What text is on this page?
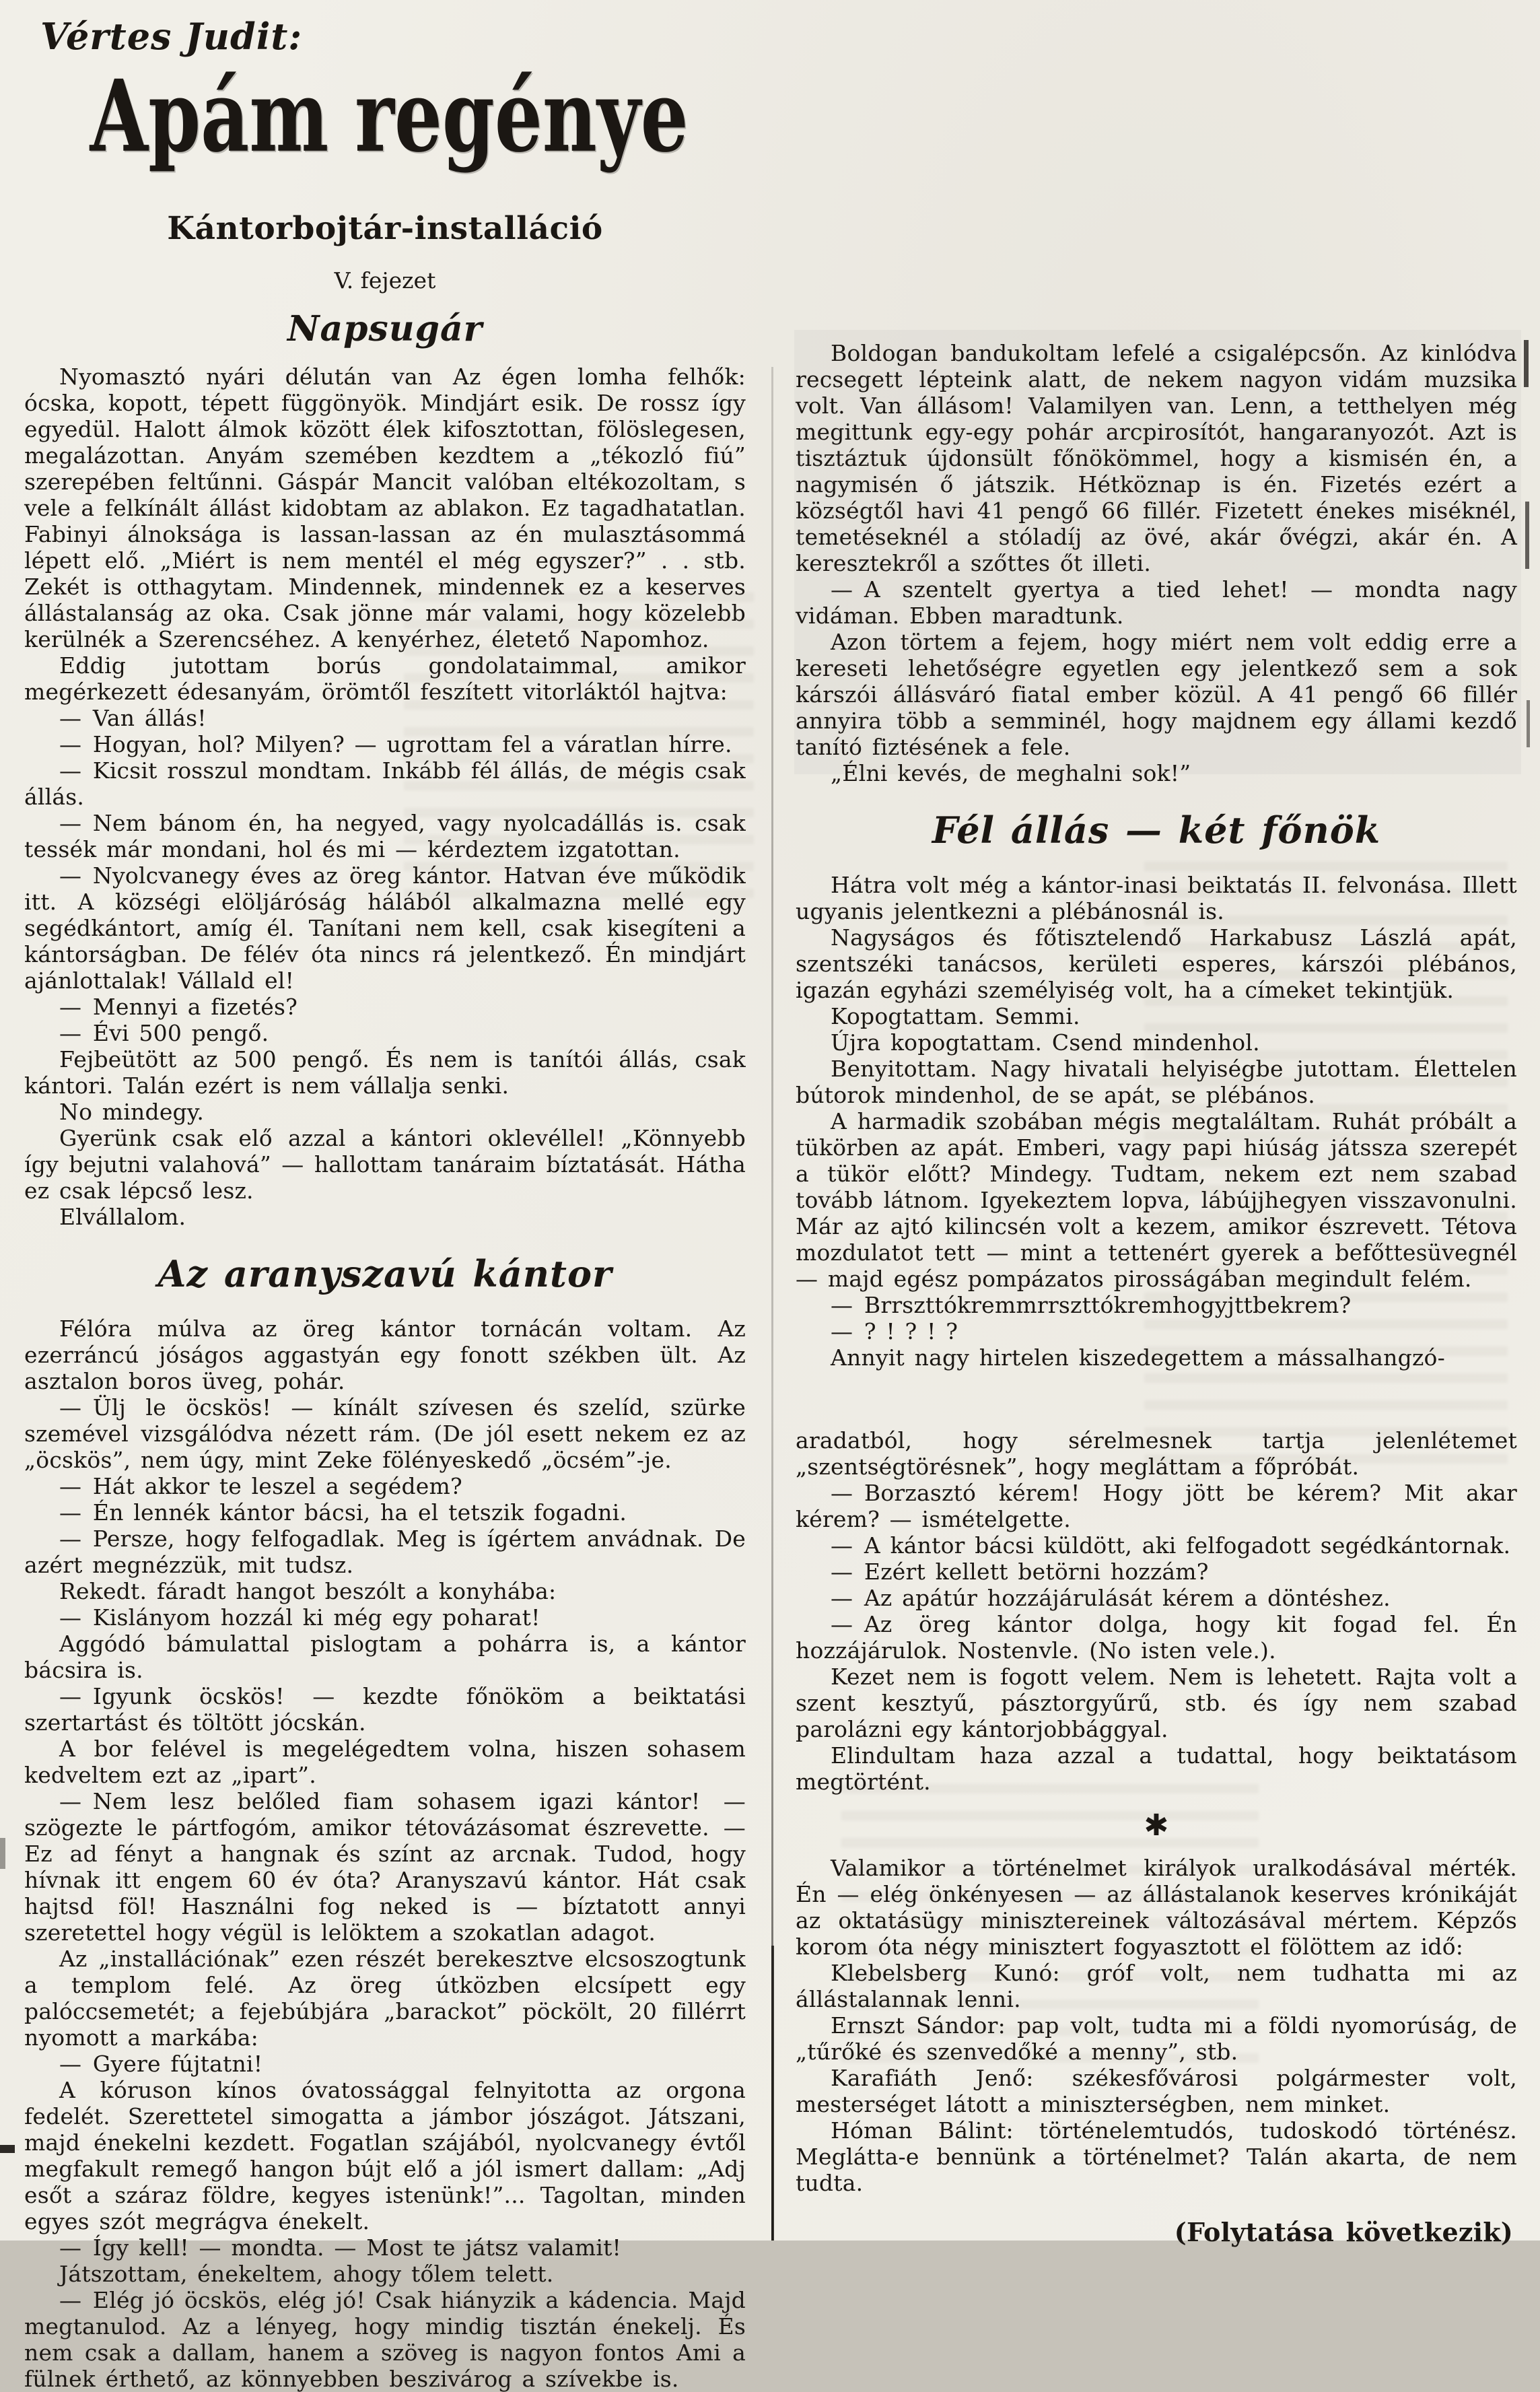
Vértes Judit:
Apám regénye
Kántorbojtár-installáció
V. fejezet
Napsugár

Nyomasztó nyári délután van Az égen lomha felhők: ócska, kopott, tépett függönyök. Mindjárt esik. De rossz így egyedül. Halott álmok között élek kifosztottan, fölöslegesen, megalázottan. Anyám szemében kezdtem a „tékozló fiú” szerepében feltűnni. Gáspár Mancit valóban eltékozoltam, s vele a felkínált állást kidobtam az ablakon. Ez tagadhatatlan. Fabinyi álnoksága is lassan-lassan az én mulasztásommá lépett elő. „Miért is nem mentél el még egyszer?” . . stb. Zekét is otthagytam. Mindennek, mindennek ez a keserves állástalanság az oka. Csak jönne már valami, hogy közelebb kerülnék a Szerencséhez. A kenyérhez, életető Napomhoz.

Eddig jutottam borús gondolataimmal, amikor megérkezett édesanyám, örömtől feszített vitorláktól hajtva:

— Van állás!

— Hogyan, hol? Milyen? — ugrottam fel a váratlan hírre.

— Kicsit rosszul mondtam. Inkább fél állás, de mégis csak állás.

— Nem bánom én, ha negyed, vagy nyolcadállás is. csak tessék már mondani, hol és mi — kérdeztem izgatottan.

— Nyolcvanegy éves az öreg kántor. Hatvan éve működik itt. A községi elöljáróság hálából alkalmazna mellé egy segédkántort, amíg él. Tanítani nem kell, csak kisegíteni a kántorságban. De félév óta nincs rá jelentkező. Én mindjárt ajánlottalak! Vállald el!

— Mennyi a fizetés?

— Évi 500 pengő.

Fejbeütött az 500 pengő. És nem is tanítói állás, csak kántori. Talán ezért is nem vállalja senki.

No mindegy.

Gyerünk csak elő azzal a kántori oklevéllel! „Könnyebb így bejutni valahová” — hallottam tanáraim bíztatását. Hátha ez csak lépcső lesz.

Elvállalom.

Az aranyszavú kántor

Félóra múlva az öreg kántor tornácán voltam. Az ezerráncú jóságos aggastyán egy fonott székben ült. Az asztalon boros üveg, pohár.

— Ülj le öcskös! — kínált szívesen és szelíd, szürke szemével vizsgálódva nézett rám. (De jól esett nekem ez az „öcskös”, nem úgy, mint Zeke fölényeskedő „öcsém”-je.

— Hát akkor te leszel a segédem?

— Én lennék kántor bácsi, ha el tetszik fogadni.

— Persze, hogy felfogadlak. Meg is ígértem anvádnak. De azért megnézzük, mit tudsz.

Rekedt. fáradt hangot beszólt a konyhába:

— Kislányom hozzál ki még egy poharat!

Aggódó bámulattal pislogtam a pohárra is, a kántor bácsira is.

— Igyunk öcskös! — kezdte főnököm a beiktatási szertartást és töltött jócskán.

A bor felével is megelégedtem volna, hiszen sohasem kedveltem ezt az „ipart”.

— Nem lesz belőled fiam sohasem igazi kántor! — szögezte le pártfogóm, amikor tétovázásomat észrevette. — Ez ad fényt a hangnak és színt az arcnak. Tudod, hogy hívnak itt engem 60 év óta? Aranyszavú kántor. Hát csak hajtsd föl! Használni fog neked is — bíztatott annyi szeretettel hogy végül is lelöktem a szokatlan adagot.

Az „installációnak” ezen részét berekesztve elcsoszogtunk a templom felé. Az öreg útközben elcsípett egy palóccsemetét; a fejebúbjára „barackot” pöckölt, 20 fillérrt nyomott a markába:

— Gyere fújtatni!

A kóruson kínos óvatossággal felnyitotta az orgona fedelét. Szerettetel simogatta a jámbor jószágot. Játszani, majd énekelni kezdett. Fogatlan szájából, nyolcvanegy évtől megfakult remegő hangon bújt elő a jól ismert dallam: „Adj esőt a száraz földre, kegyes istenünk!”... Tagoltan, minden egyes szót megrágva énekelt.

— Így kell! — mondta. — Most te játsz valamit!

Játszottam, énekeltem, ahogy tőlem telett.

— Elég jó öcskös, elég jó! Csak hiányzik a kádencia. Majd megtanulod. Az a lényeg, hogy mindig tisztán énekelj. És nem csak a dallam, hanem a szöveg is nagyon fontos Ami a fülnek érthető, az könnyebben beszivárog a szívekbe is.

Boldogan bandukoltam lefelé a csigalépcsőn. Az kinlódva recsegett lépteink alatt, de nekem nagyon vidám muzsika volt. Van állásom! Valamilyen van. Lenn, a tetthelyen még megittunk egy-egy pohár arcpirosítót, hangaranyozót. Azt is tisztáztuk újdonsült főnökömmel, hogy a kismisén én, a nagymisén ő játszik. Hétköznap is én. Fizetés ezért a községtől havi 41 pengő 66 fillér. Fizetett énekes miséknél, temetéseknél a stóladíj az övé, akár ővégzi, akár én. A keresztekről a szőttes őt illeti.

— A szentelt gyertya a tied lehet! — mondta nagy vidáman. Ebben maradtunk.

Azon törtem a fejem, hogy miért nem volt eddig erre a kereseti lehetőségre egyetlen egy jelentkező sem a sok kárszói állásváró fiatal ember közül. A 41 pengő 66 fillér annyira több a semminél, hogy majdnem egy állami kezdő tanító fiztésének a fele.

„Élni kevés, de meghalni sok!”

Fél állás — két főnök

Hátra volt még a kántor-inasi beiktatás II. felvonása. Illett ugyanis jelentkezni a plébánosnál is.

Nagyságos és főtisztelendő Harkabusz Lászlá apát, szentszéki tanácsos, kerületi esperes, kárszói plébános, igazán egyházi személyiség volt, ha a címeket tekintjük.

Kopogtattam. Semmi.

Újra kopogtattam. Csend mindenhol.

Benyitottam. Nagy hivatali helyiségbe jutottam. Élettelen bútorok mindenhol, de se apát, se plébános.

A harmadik szobában mégis megtaláltam. Ruhát próbált a tükörben az apát. Emberi, vagy papi hiúság játssza szerepét a tükör előtt? Mindegy. Tudtam, nekem ezt nem szabad tovább látnom. Igyekeztem lopva, lábújjhegyen visszavonulni. Már az ajtó kilincsén volt a kezem, amikor észrevett. Tétova mozdulatot tett — mint a tettenért gyerek a befőttesüvegnél — majd egész pompázatos pirosságában megindult felém.

— Brrszttókremmrrszttókremhogyjttbekrem?

— ? ! ? ! ?

Annyit nagy hirtelen kiszedegettem a mássalhangzó-

aradatból, hogy sérelmesnek tartja jelenlétemet „szentségtörésnek”, hogy megláttam a főpróbát.

— Borzasztó kérem! Hogy jött be kérem? Mit akar kérem? — ismételgette.

— A kántor bácsi küldött, aki felfogadott segédkántornak.

— Ezért kellett betörni hozzám?

— Az apátúr hozzájárulását kérem a döntéshez.

— Az öreg kántor dolga, hogy kit fogad fel. Én hozzájárulok. Nostenvle. (No isten vele.).

Kezet nem is fogott velem. Nem is lehetett. Rajta volt a szent kesztyű, pásztorgyűrű, stb. és így nem szabad parolázni egy kántorjobbággyal.

Elindultam haza azzal a tudattal, hogy beiktatásom megtörtént.

✱

Valamikor a történelmet királyok uralkodásával mérték. Én — elég önkényesen — az állástalanok keserves krónikáját az oktatásügy minisztereinek változásával mértem. Képzős korom óta négy minisztert fogyasztott el fölöttem az idő:

Klebelsberg Kunó: gróf volt, nem tudhatta mi az állástalannak lenni.

Ernszt Sándor: pap volt, tudta mi a földi nyomorúság, de „tűrőké és szenvedőké a menny”, stb.

Karafiáth Jenő: székesfővárosi polgármester volt, mesterséget látott a miniszterségben, nem minket.

Hóman Bálint: történelemtudós, tudoskodó történész. Meglátta-e bennünk a történelmet? Talán akarta, de nem tudta.

(Folytatása következik)
